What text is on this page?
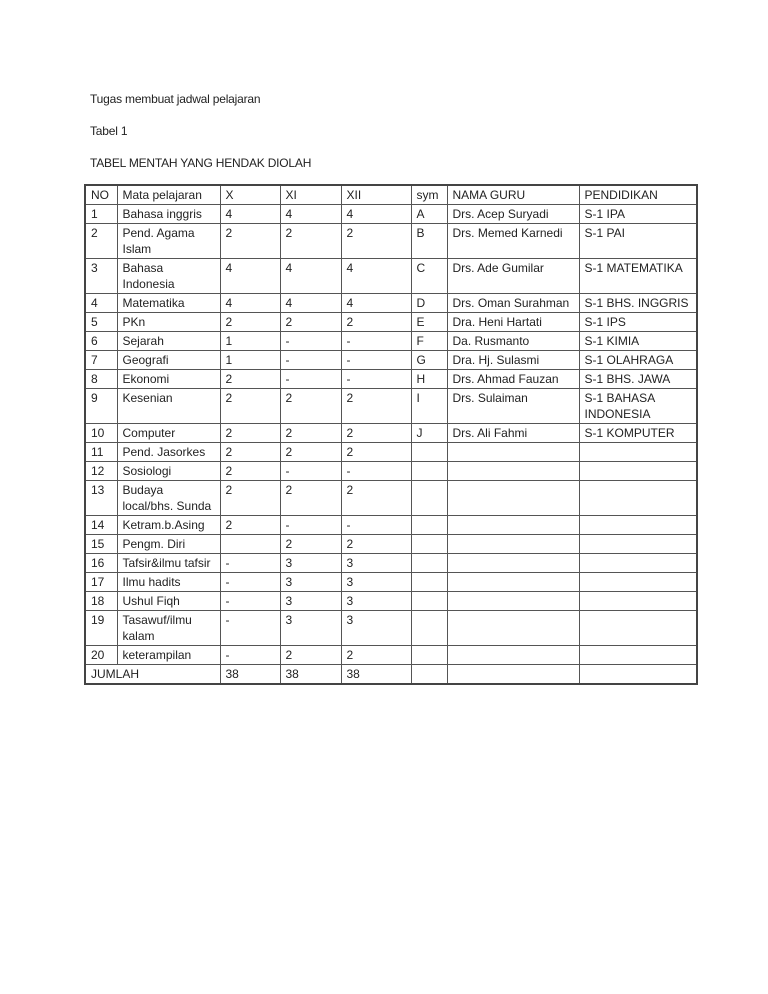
Tugas membuat jadwal pelajaran
Tabel 1
TABEL MENTAH YANG HENDAK DIOLAH
NO	Mata pelajaran	X	XI	XII	sym	NAMA GURU	PENDIDIKAN
1	Bahasa inggris	4	4	4	A	Drs. Acep Suryadi	S-1 IPA
2	Pend. Agama Islam	2	2	2	B	Drs. Memed Karnedi	S-1 PAI
3	Bahasa Indonesia	4	4	4	C	Drs. Ade Gumilar	S-1 MATEMATIKA
4	Matematika	4	4	4	D	Drs. Oman Surahman	S-1 BHS. INGGRIS
5	PKn	2	2	2	E	Dra. Heni Hartati	S-1 IPS
6	Sejarah	1	-	-	F	Da. Rusmanto	S-1 KIMIA
7	Geografi	1	-	-	G	Dra. Hj. Sulasmi	S-1 OLAHRAGA
8	Ekonomi	2	-	-	H	Drs. Ahmad Fauzan	S-1 BHS. JAWA
9	Kesenian	2	2	2	I	Drs. Sulaiman	S-1 BAHASA INDONESIA
10	Computer	2	2	2	J	Drs. Ali Fahmi	S-1 KOMPUTER
11	Pend. Jasorkes	2	2	2			
12	Sosiologi	2	-	-			
13	Budaya local/bhs. Sunda	2	2	2			
14	Ketram.b.Asing	2	-	-			
15	Pengm. Diri		2	2			
16	Tafsir&ilmu tafsir	-	3	3			
17	Ilmu hadits	-	3	3			
18	Ushul Fiqh	-	3	3			
19	Tasawuf/ilmu kalam	-	3	3			
20	keterampilan	-	2	2			
JUMLAH		38	38	38			
